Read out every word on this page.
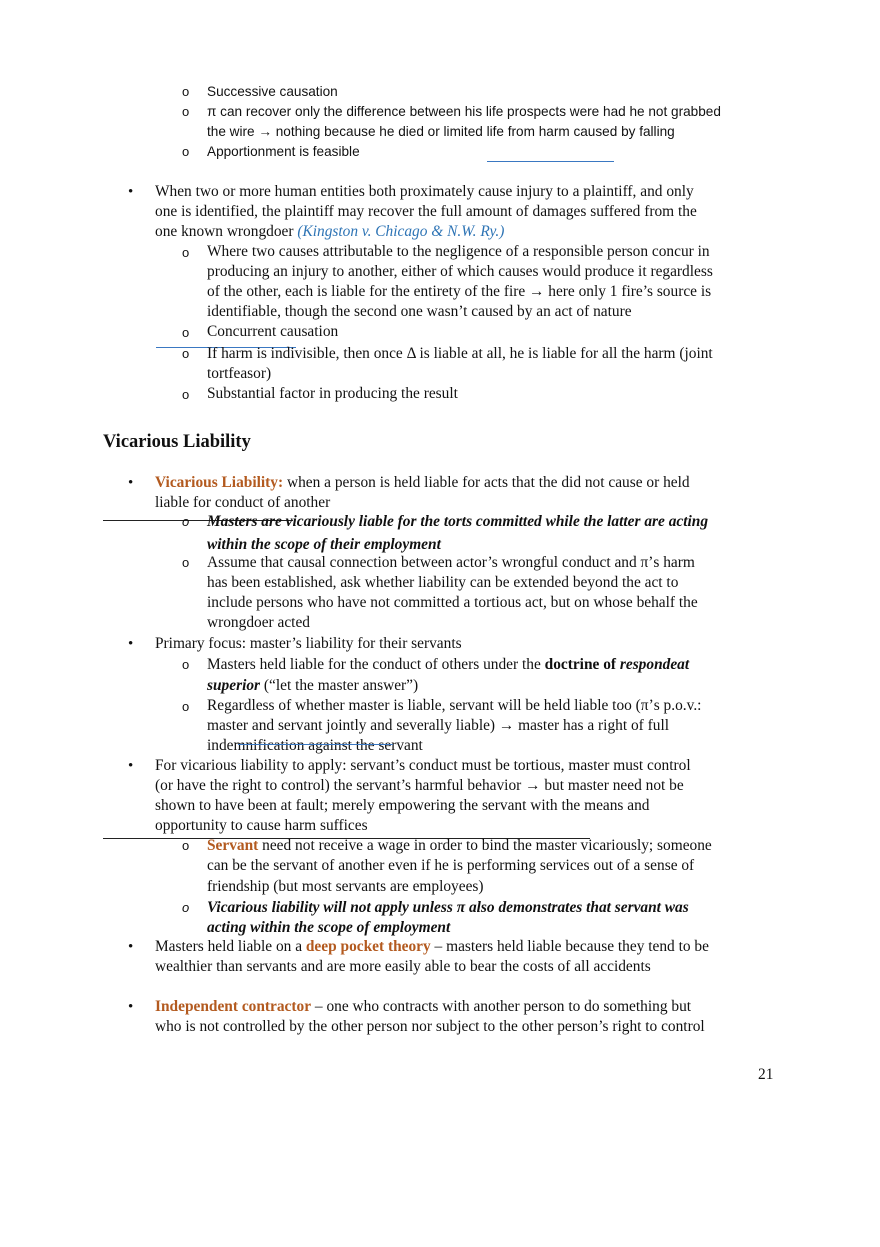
o Successive causation
o π can recover only the difference between his life prospects were had he not grabbed
the wire → nothing because he died or limited life from harm caused by falling
o Apportionment is feasible
• When two or more human entities both proximately cause injury to a plaintiff, and only
one is identified, the plaintiff may recover the full amount of damages suffered from the
one known wrongdoer (Kingston v. Chicago & N.W. Ry.)
o Where two causes attributable to the negligence of a responsible person concur in
producing an injury to another, either of which causes would produce it regardless
of the other, each is liable for the entirety of the fire → here only 1 fire’s source is
identifiable, though the second one wasn’t caused by an act of nature
o Concurrent causation
o If harm is indivisible, then once Δ is liable at all, he is liable for all the harm (joint
tortfeasor)
o Substantial factor in producing the result
Vicarious Liability
• Vicarious Liability: when a person is held liable for acts that the did not cause or held
liable for conduct of another
o Masters are vicariously liable for the torts committed while the latter are acting
within the scope of their employment
o Assume that causal connection between actor’s wrongful conduct and π’s harm
has been established, ask whether liability can be extended beyond the act to
include persons who have not committed a tortious act, but on whose behalf the
wrongdoer acted
• Primary focus: master’s liability for their servants
o Masters held liable for the conduct of others under the doctrine of respondeat
superior (“let the master answer”)
o Regardless of whether master is liable, servant will be held liable too (π’s p.o.v.:
master and servant jointly and severally liable) → master has a right of full
indemnification against the servant
• For vicarious liability to apply: servant’s conduct must be tortious, master must control
(or have the right to control) the servant’s harmful behavior → but master need not be
shown to have been at fault; merely empowering the servant with the means and
opportunity to cause harm suffices
o Servant need not receive a wage in order to bind the master vicariously; someone
can be the servant of another even if he is performing services out of a sense of
friendship (but most servants are employees)
o Vicarious liability will not apply unless π also demonstrates that servant was
acting within the scope of employment
• Masters held liable on a deep pocket theory – masters held liable because they tend to be
wealthier than servants and are more easily able to bear the costs of all accidents
• Independent contractor – one who contracts with another person to do something but
who is not controlled by the other person nor subject to the other person’s right to control
21
